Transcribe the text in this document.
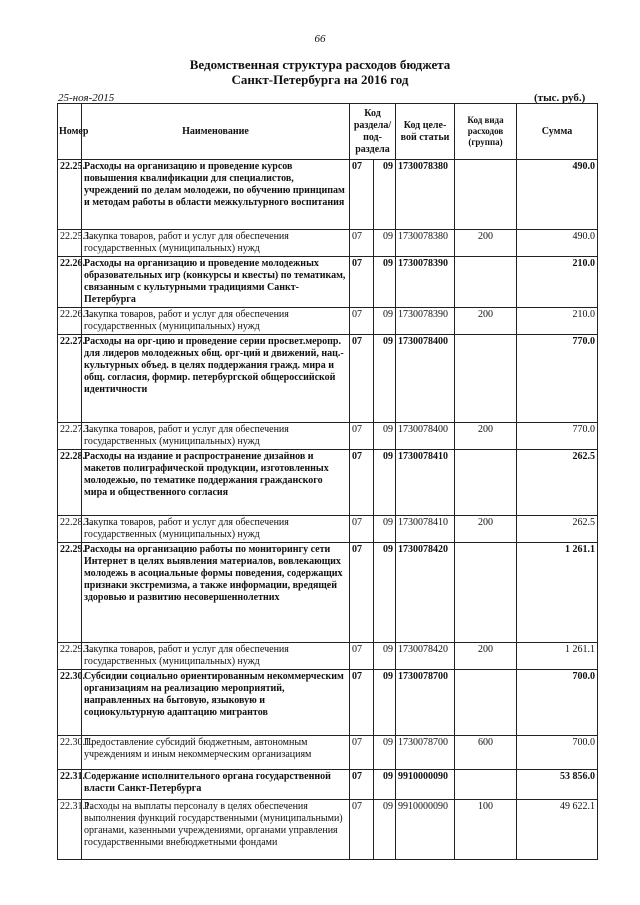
66
Ведомственная структура расходов бюджета
Санкт-Петербурга на 2016 год
25-ноя-2015	(тыс. руб.)
Номер	Наименование	Код раздела/ под-раздела		Код целе-вой статьи	Код вида расходов (группа)	Сумма
22.25.	Расходы на организацию и проведение курсов повышения квалификации для специалистов, учреждений по делам молодежи, по обучению принципам и методам работы в области межкультурного воспитания	07	09	1730078380		490.0
22.25.1.	Закупка товаров, работ и услуг для обеспечения государственных (муниципальных) нужд	07	09	1730078380	200	490.0
22.26.	Расходы на организацию и проведение молодежных образовательных игр (конкурсы и квесты) по тематикам, связанным с культурными традициями Санкт-Петербурга	07	09	1730078390		210.0
22.26.1.	Закупка товаров, работ и услуг для обеспечения государственных (муниципальных) нужд	07	09	1730078390	200	210.0
22.27.	Расходы на орг-цию и проведение серии просвет.меропр. для лидеров молодежных общ. орг-ций и движений, нац.-культурных объед. в целях поддержания гражд. мира и общ. согласия, формир. петербургской общероссийской идентичности	07	09	1730078400		770.0
22.27.1.	Закупка товаров, работ и услуг для обеспечения государственных (муниципальных) нужд	07	09	1730078400	200	770.0
22.28.	Расходы на издание и распространение дизайнов и макетов полиграфической продукции, изготовленных молодежью, по тематике поддержания гражданского мира и общественного согласия	07	09	1730078410		262.5
22.28.1.	Закупка товаров, работ и услуг для обеспечения государственных (муниципальных) нужд	07	09	1730078410	200	262.5
22.29.	Расходы на организацию работы по мониторингу сети Интернет в целях выявления материалов, вовлекающих молодежь в асоциальные формы поведения, содержащих признаки экстремизма, а также информации, вредящей здоровью и развитию несовершеннолетних	07	09	1730078420		1 261.1
22.29.1.	Закупка товаров, работ и услуг для обеспечения государственных (муниципальных) нужд	07	09	1730078420	200	1 261.1
22.30.	Субсидии социально ориентированным некоммерческим организациям на реализацию мероприятий, направленных на бытовую, языковую и социокультурную адаптацию мигрантов	07	09	1730078700		700.0
22.30.1.	Предоставление субсидий бюджетным, автономным учреждениям и иным некоммерческим организациям	07	09	1730078700	600	700.0
22.31.	Содержание исполнительного органа государственной власти Санкт-Петербурга	07	09	9910000090		53 856.0
22.31.1.	Расходы на выплаты персоналу в целях обеспечения выполнения функций государственными (муниципальными) органами, казенными учреждениями, органами управления государственными внебюджетными фондами	07	09	9910000090	100	49 622.1
